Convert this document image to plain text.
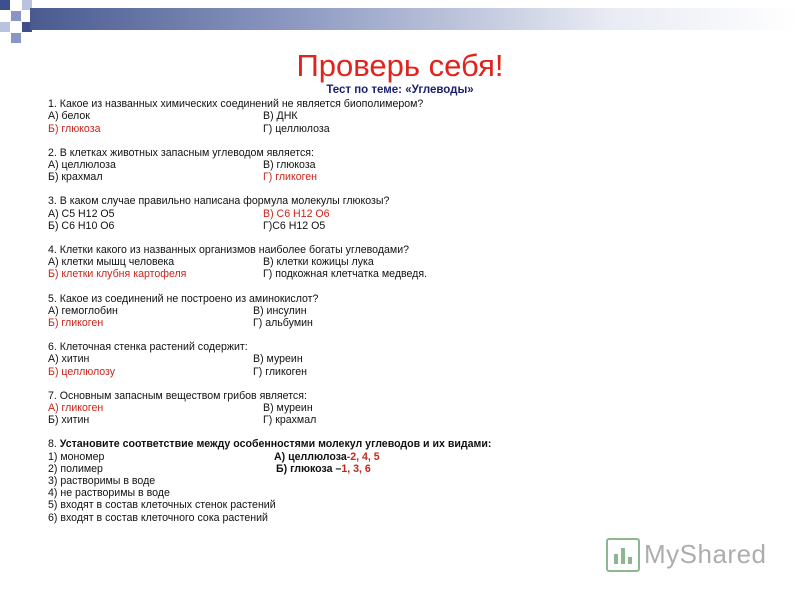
Проверь себя!
Тест по теме: «Углеводы»
1. Какое из названных химических соединений не является биополимером?
А) белок	В) ДНК
Б) глюкоза	Г) целлюлоза
2. В клетках животных запасным углеводом является:
А) целлюлоза	В) глюкоза
Б) крахмал	Г) гликоген
3. В каком случае правильно написана формула молекулы глюкозы?
А) С5 Н12 О5	В) С6 Н12 О6
Б) С6 Н10 О6	Г)С6 Н12 О5
4. Клетки какого из названных организмов наиболее богаты углеводами?
А) клетки мышц человека	В) клетки кожицы лука
Б) клетки клубня картофеля	Г) подкожная клетчатка медведя.
5. Какое из соединений не построено из аминокислот?
А) гемоглобин	В) инсулин
Б) гликоген	Г) альбумин
6. Клеточная стенка растений содержит:
А) хитин	В) муреин
Б) целлюлозу	Г) гликоген
7. Основным запасным веществом грибов является:
А) гликоген	В) муреин
Б) хитин	Г) крахмал
8. Установите соответствие между особенностями молекул углеводов и их видами:
1) мономер	А) целлюлоза -2, 4, 5
2) полимер	Б) глюкоза – 1, 3, 6
3) растворимы в воде
4) не растворимы в воде
5) входят в состав клеточных стенок растений
6) входят в состав клеточного сока растений
MyShared
